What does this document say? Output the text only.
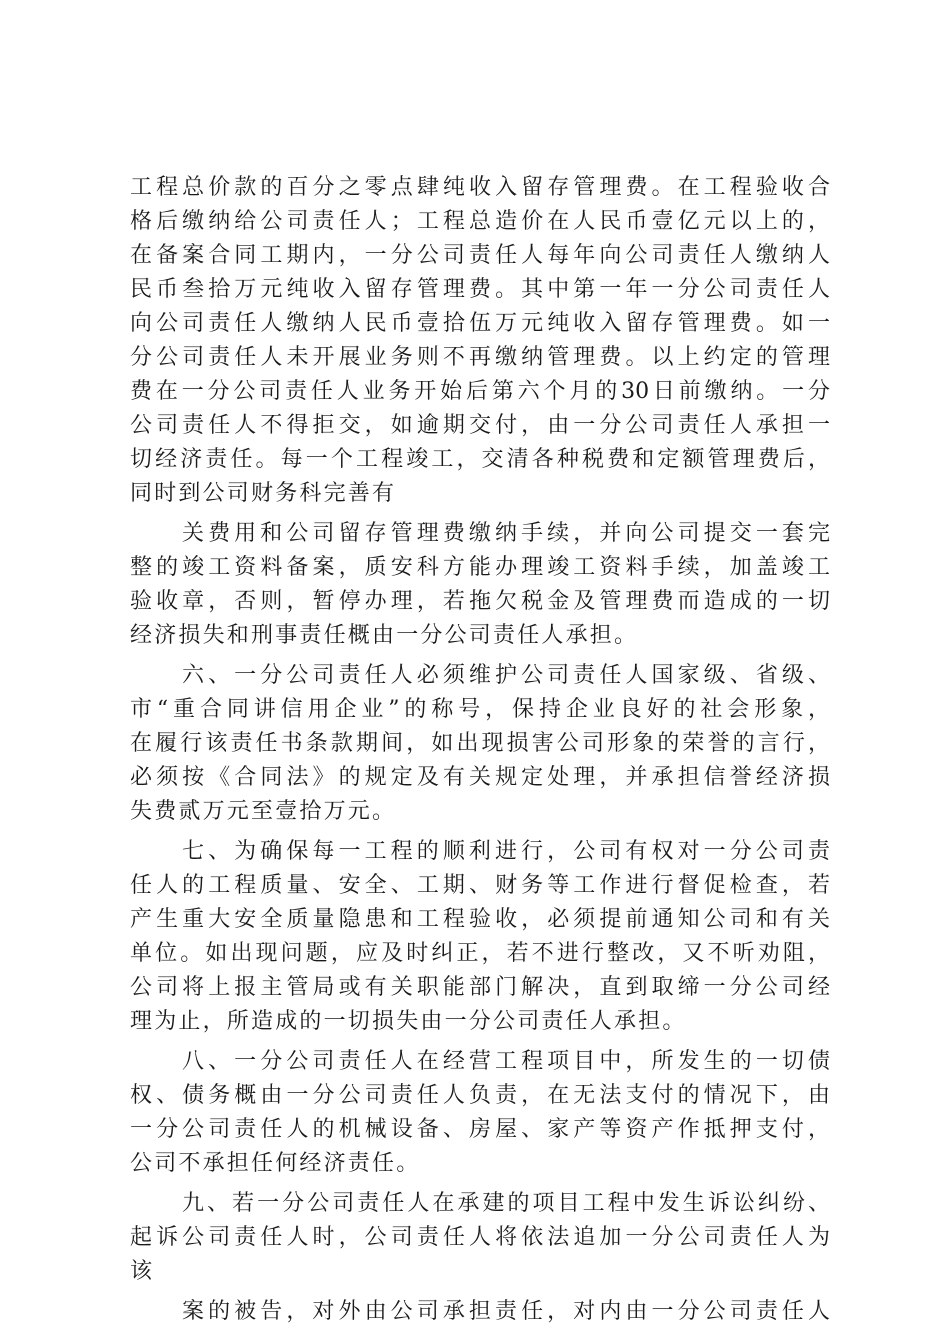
工程总价款的百分之零点肆纯收入留存管理费。在工程验收合
格后缴纳给公司责任人；工程总造价在人民币壹亿元以上的，
在备案合同工期内，一分公司责任人每年向公司责任人缴纳人
民币叁拾万元纯收入留存管理费。其中第一年一分公司责任人
向公司责任人缴纳人民币壹拾伍万元纯收入留存管理费。如一
分公司责任人未开展业务则不再缴纳管理费。以上约定的管理
费在一分公司责任人业务开始后第六个月的30日前缴纳。一分
公司责任人不得拒交，如逾期交付，由一分公司责任人承担一
切经济责任。每一个工程竣工，交清各种税费和定额管理费后，
同时到公司财务科完善有
关费用和公司留存管理费缴纳手续，并向公司提交一套完
整的竣工资料备案，质安科方能办理竣工资料手续，加盖竣工
验收章，否则，暂停办理，若拖欠税金及管理费而造成的一切
经济损失和刑事责任概由一分公司责任人承担。
六、一分公司责任人必须维护公司责任人国家级、省级、
市“重合同讲信用企业”的称号，保持企业良好的社会形象，
在履行该责任书条款期间，如出现损害公司形象的荣誉的言行，
必须按《合同法》的规定及有关规定处理，并承担信誉经济损
失费贰万元至壹拾万元。
七、为确保每一工程的顺利进行，公司有权对一分公司责
任人的工程质量、安全、工期、财务等工作进行督促检查，若
产生重大安全质量隐患和工程验收，必须提前通知公司和有关
单位。如出现问题，应及时纠正，若不进行整改，又不听劝阻，
公司将上报主管局或有关职能部门解决，直到取缔一分公司经
理为止，所造成的一切损失由一分公司责任人承担。
八、一分公司责任人在经营工程项目中，所发生的一切债
权、债务概由一分公司责任人负责，在无法支付的情况下，由
一分公司责任人的机械设备、房屋、家产等资产作抵押支付，
公司不承担任何经济责任。
九、若一分公司责任人在承建的项目工程中发生诉讼纠纷、
起诉公司责任人时，公司责任人将依法追加一分公司责任人为
该
案的被告，对外由公司承担责任，对内由一分公司责任人
